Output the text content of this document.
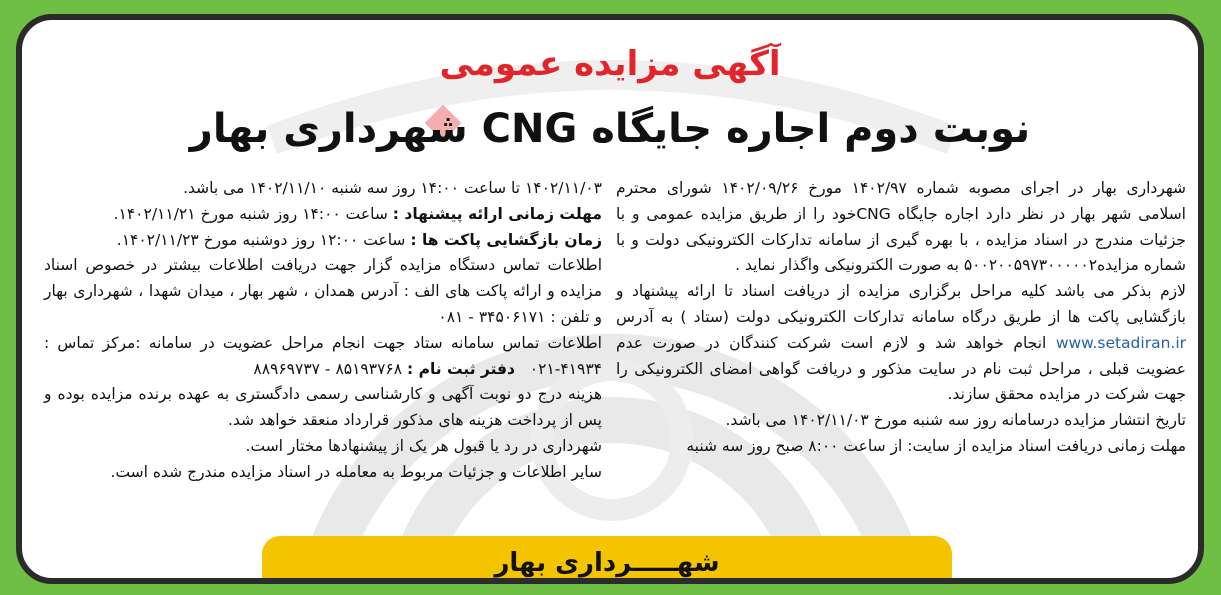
آگهی مزایده عمومی
نوبت دوم اجاره جایگاه CNG شهرداری بهار

شهرداری بهار در اجرای مصوبه شماره ۱۴۰۲/۹۷ مورخ ۱۴۰۲/۰۹/۲۶ شورای محترم اسلامی شهر بهار در نظر دارد اجاره جایگاه CNGخود را از طریق مزایده عمومی و با جزئیات مندرج در اسناد مزایده ، با بهره گیری از سامانه تدارکات الکترونیکی دولت و با شماره مزایده۵۰۰۲۰۰۵۹۷۳۰۰۰۰۰۲ به صورت الکترونیکی واگذار نماید .

لازم بذکر می باشد کلیه مراحل برگزاری مزایده از دریافت اسناد تا ارائه پیشنهاد و بازگشایی پاکت ها از طریق درگاه سامانه تدارکات الکترونیکی دولت (ستاد ) به آدرس www.setadiran.ir انجام خواهد شد و لازم است شرکت کنندگان در صورت عدم عضویت قبلی ، مراحل ثبت نام در سایت مذکور و دریافت گواهی امضای الکترونیکی را جهت شرکت در مزایده محقق سازند.

تاریخ انتشار مزایده درسامانه روز سه شنبه مورخ ۱۴۰۲/۱۱/۰۳ می باشد.

مهلت زمانی دریافت اسناد مزایده از سایت: از ساعت ۸:۰۰ صبح روز سه شنبه

۱۴۰۲/۱۱/۰۳ تا ساعت ۱۴:۰۰ روز سه شنبه ۱۴۰۲/۱۱/۱۰ می باشد.

مهلت زمانی ارائه پیشنهاد : ساعت ۱۴:۰۰ روز شنبه مورخ ۱۴۰۲/۱۱/۲۱.

زمان بازگشایی پاکت ها : ساعت ۱۲:۰۰ روز دوشنبه مورخ ۱۴۰۲/۱۱/۲۳.

اطلاعات تماس دستگاه مزایده گزار جهت دریافت اطلاعات بیشتر در خصوص اسناد مزایده و ارائه پاکت های الف : آدرس همدان ، شهر بهار ، میدان شهدا ، شهرداری بهار و تلفن : ۳۴۵۰۶۱۷۱ - ۰۸۱

اطلاعات تماس سامانه ستاد جهت انجام مراحل عضویت در سامانه :مرکز تماس : ۴۱۹۳۴-۰۲۱   دفتر ثبت نام : ۸۵۱۹۳۷۶۸ - ۸۸۹۶۹۷۳۷

هزینه درج دو نوبت آگهی و کارشناسی رسمی دادگستری به عهده برنده مزایده بوده و پس از پرداخت هزینه های مذکور قرارداد منعقد خواهد شد.

شهرداری در رد یا قبول هر یک از پیشنهادها مختار است.

سایر اطلاعات و جزئیات مربوط به معامله در اسناد مزایده مندرج شده است.

شهـــــرداری بهار
